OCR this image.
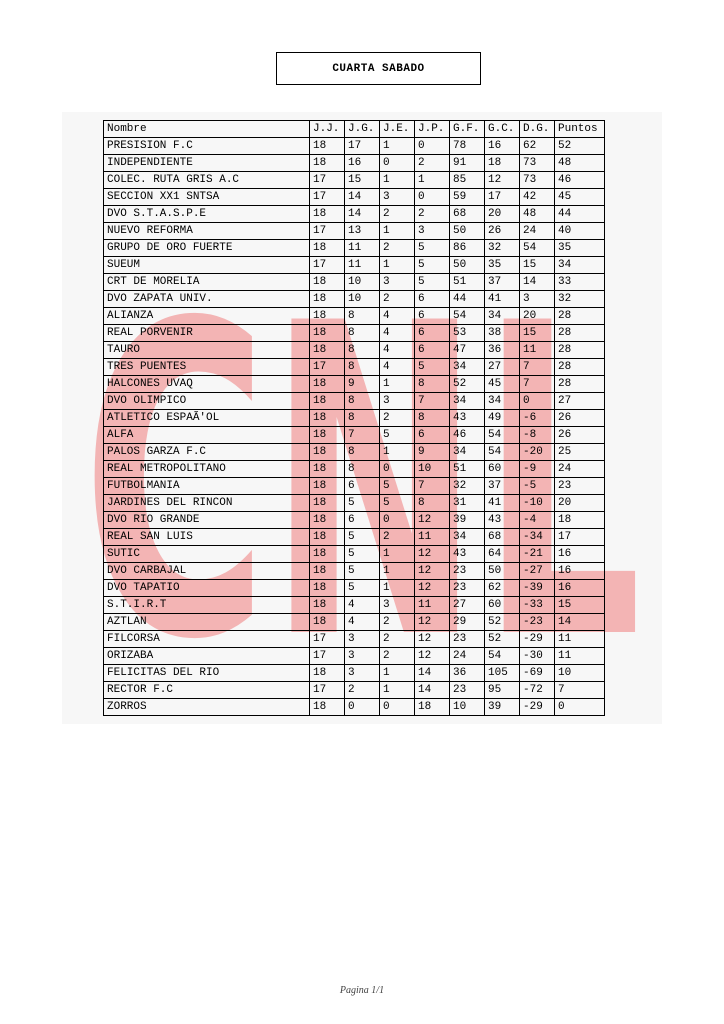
CUARTA SABADO
CNL
Nombre	J.J.	J.G.	J.E.	J.P.	G.F.	G.C.	D.G.	Puntos
PRESISION F.C	18	17	1	0	78	16	62	52
INDEPENDIENTE	18	16	0	2	91	18	73	48
COLEC. RUTA GRIS A.C	17	15	1	1	85	12	73	46
SECCION XX1 SNTSA	17	14	3	0	59	17	42	45
DVO S.T.A.S.P.E	18	14	2	2	68	20	48	44
NUEVO REFORMA	17	13	1	3	50	26	24	40
GRUPO DE ORO FUERTE	18	11	2	5	86	32	54	35
SUEUM	17	11	1	5	50	35	15	34
CRT DE MORELIA	18	10	3	5	51	37	14	33
DVO ZAPATA UNIV.	18	10	2	6	44	41	3	32
ALIANZA	18	8	4	6	54	34	20	28
REAL PORVENIR	18	8	4	6	53	38	15	28
TAURO	18	8	4	6	47	36	11	28
TRES PUENTES	17	8	4	5	34	27	7	28
HALCONES UVAQ	18	9	1	8	52	45	7	28
DVO OLIMPICO	18	8	3	7	34	34	0	27
ATLETICO ESPAÃ'OL	18	8	2	8	43	49	-6	26
ALFA	18	7	5	6	46	54	-8	26
PALOS GARZA F.C	18	8	1	9	34	54	-20	25
REAL METROPOLITANO	18	8	0	10	51	60	-9	24
FUTBOLMANIA	18	6	5	7	32	37	-5	23
JARDINES DEL RINCON	18	5	5	8	31	41	-10	20
DVO RIO GRANDE	18	6	0	12	39	43	-4	18
REAL SAN LUIS	18	5	2	11	34	68	-34	17
SUTIC	18	5	1	12	43	64	-21	16
DVO CARBAJAL	18	5	1	12	23	50	-27	16
DVO TAPATIO	18	5	1	12	23	62	-39	16
S.T.I.R.T	18	4	3	11	27	60	-33	15
AZTLAN	18	4	2	12	29	52	-23	14
FILCORSA	17	3	2	12	23	52	-29	11
ORIZABA	17	3	2	12	24	54	-30	11
FELICITAS DEL RIO	18	3	1	14	36	105	-69	10
RECTOR F.C	17	2	1	14	23	95	-72	7
ZORROS	18	0	0	18	10	39	-29	0
Pagina 1/1
